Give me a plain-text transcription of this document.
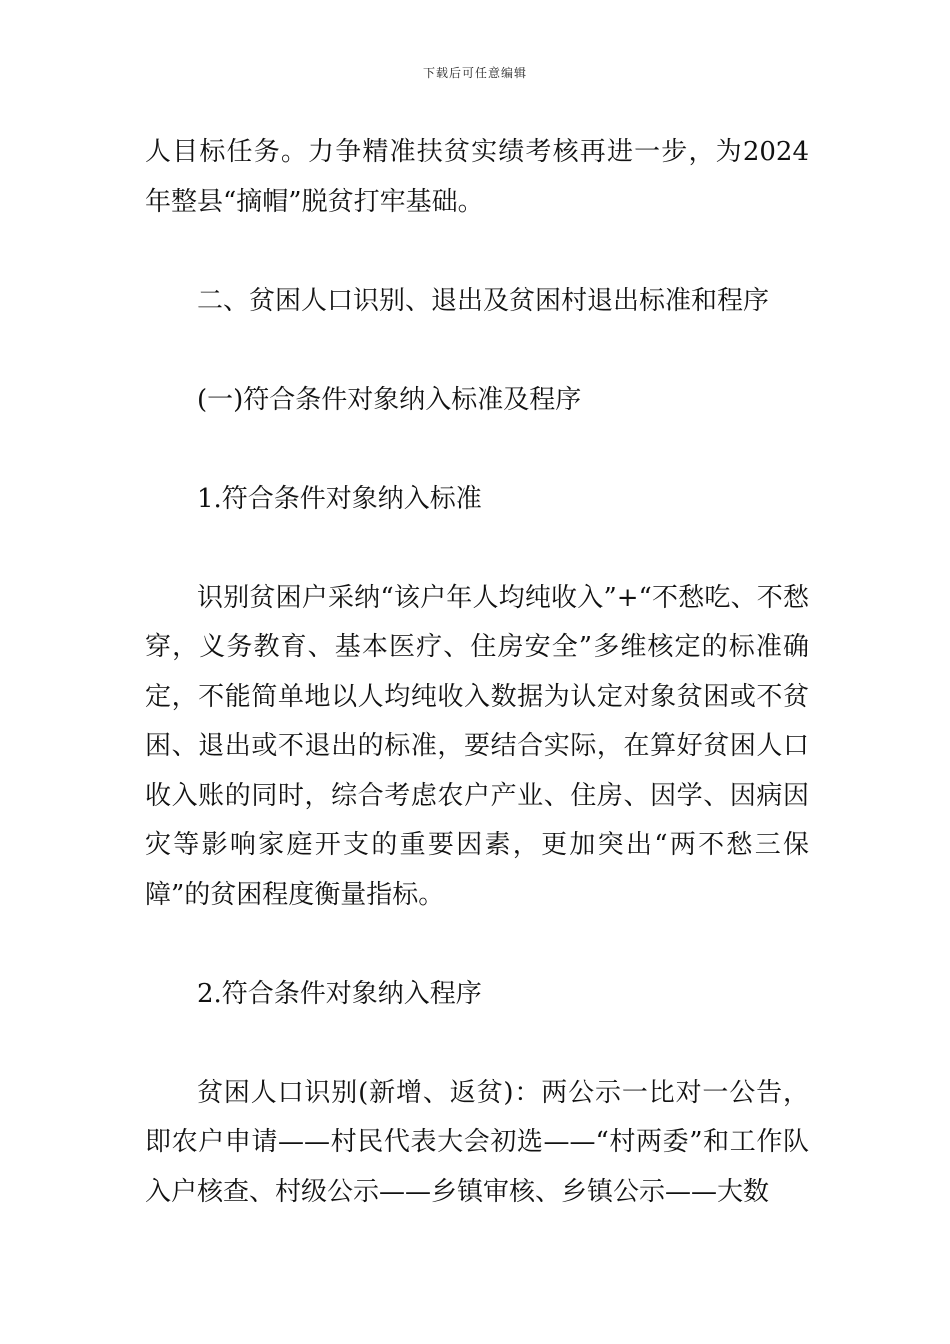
下载后可任意编辑

人目标任务。力争精准扶贫实绩考核再进一步，为2024年整县“摘帽”脱贫打牢基础。

二、贫困人口识别、退出及贫困村退出标准和程序

(一)符合条件对象纳入标准及程序

1.符合条件对象纳入标准

识别贫困户采纳“该户年人均纯收入”+“不愁吃、不愁穿，义务教育、基本医疗、住房安全”多维核定的标准确定，不能简单地以人均纯收入数据为认定对象贫困或不贫困、退出或不退出的标准，要结合实际，在算好贫困人口收入账的同时，综合考虑农户产业、住房、因学、因病因灾等影响家庭开支的重要因素，更加突出“两不愁三保障”的贫困程度衡量指标。

2.符合条件对象纳入程序

贫困人口识别(新增、返贫)：两公示一比对一公告，即农户申请——村民代表大会初选——“村两委”和工作队入户核查、村级公示——乡镇审核、乡镇公示——大数
